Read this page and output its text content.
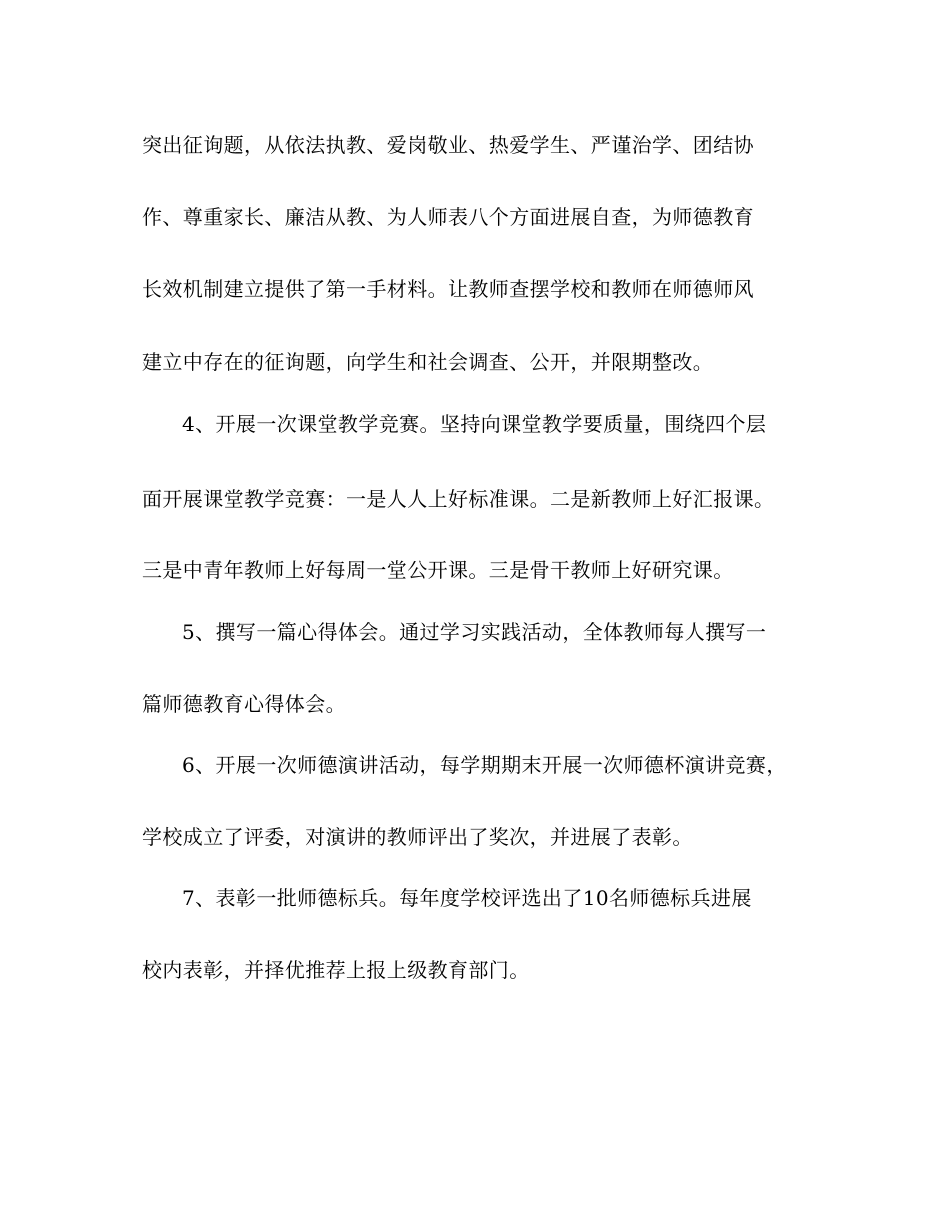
突出征询题，从依法执教、爱岗敬业、热爱学生、严谨治学、团结协
作、尊重家长、廉洁从教、为人师表八个方面进展自查，为师德教育
长效机制建立提供了第一手材料。让教师查摆学校和教师在师德师风
建立中存在的征询题，向学生和社会调查、公开，并限期整改。
4、开展一次课堂教学竞赛。坚持向课堂教学要质量，围绕四个层
面开展课堂教学竞赛：一是人人上好标准课。二是新教师上好汇报课。
三是中青年教师上好每周一堂公开课。三是骨干教师上好研究课。
5、撰写一篇心得体会。通过学习实践活动，全体教师每人撰写一
篇师德教育心得体会。
6、开展一次师德演讲活动，每学期期末开展一次师德杯演讲竞赛，
学校成立了评委，对演讲的教师评出了奖次，并进展了表彰。
7、表彰一批师德标兵。每年度学校评选出了10名师德标兵进展
校内表彰，并择优推荐上报上级教育部门。
